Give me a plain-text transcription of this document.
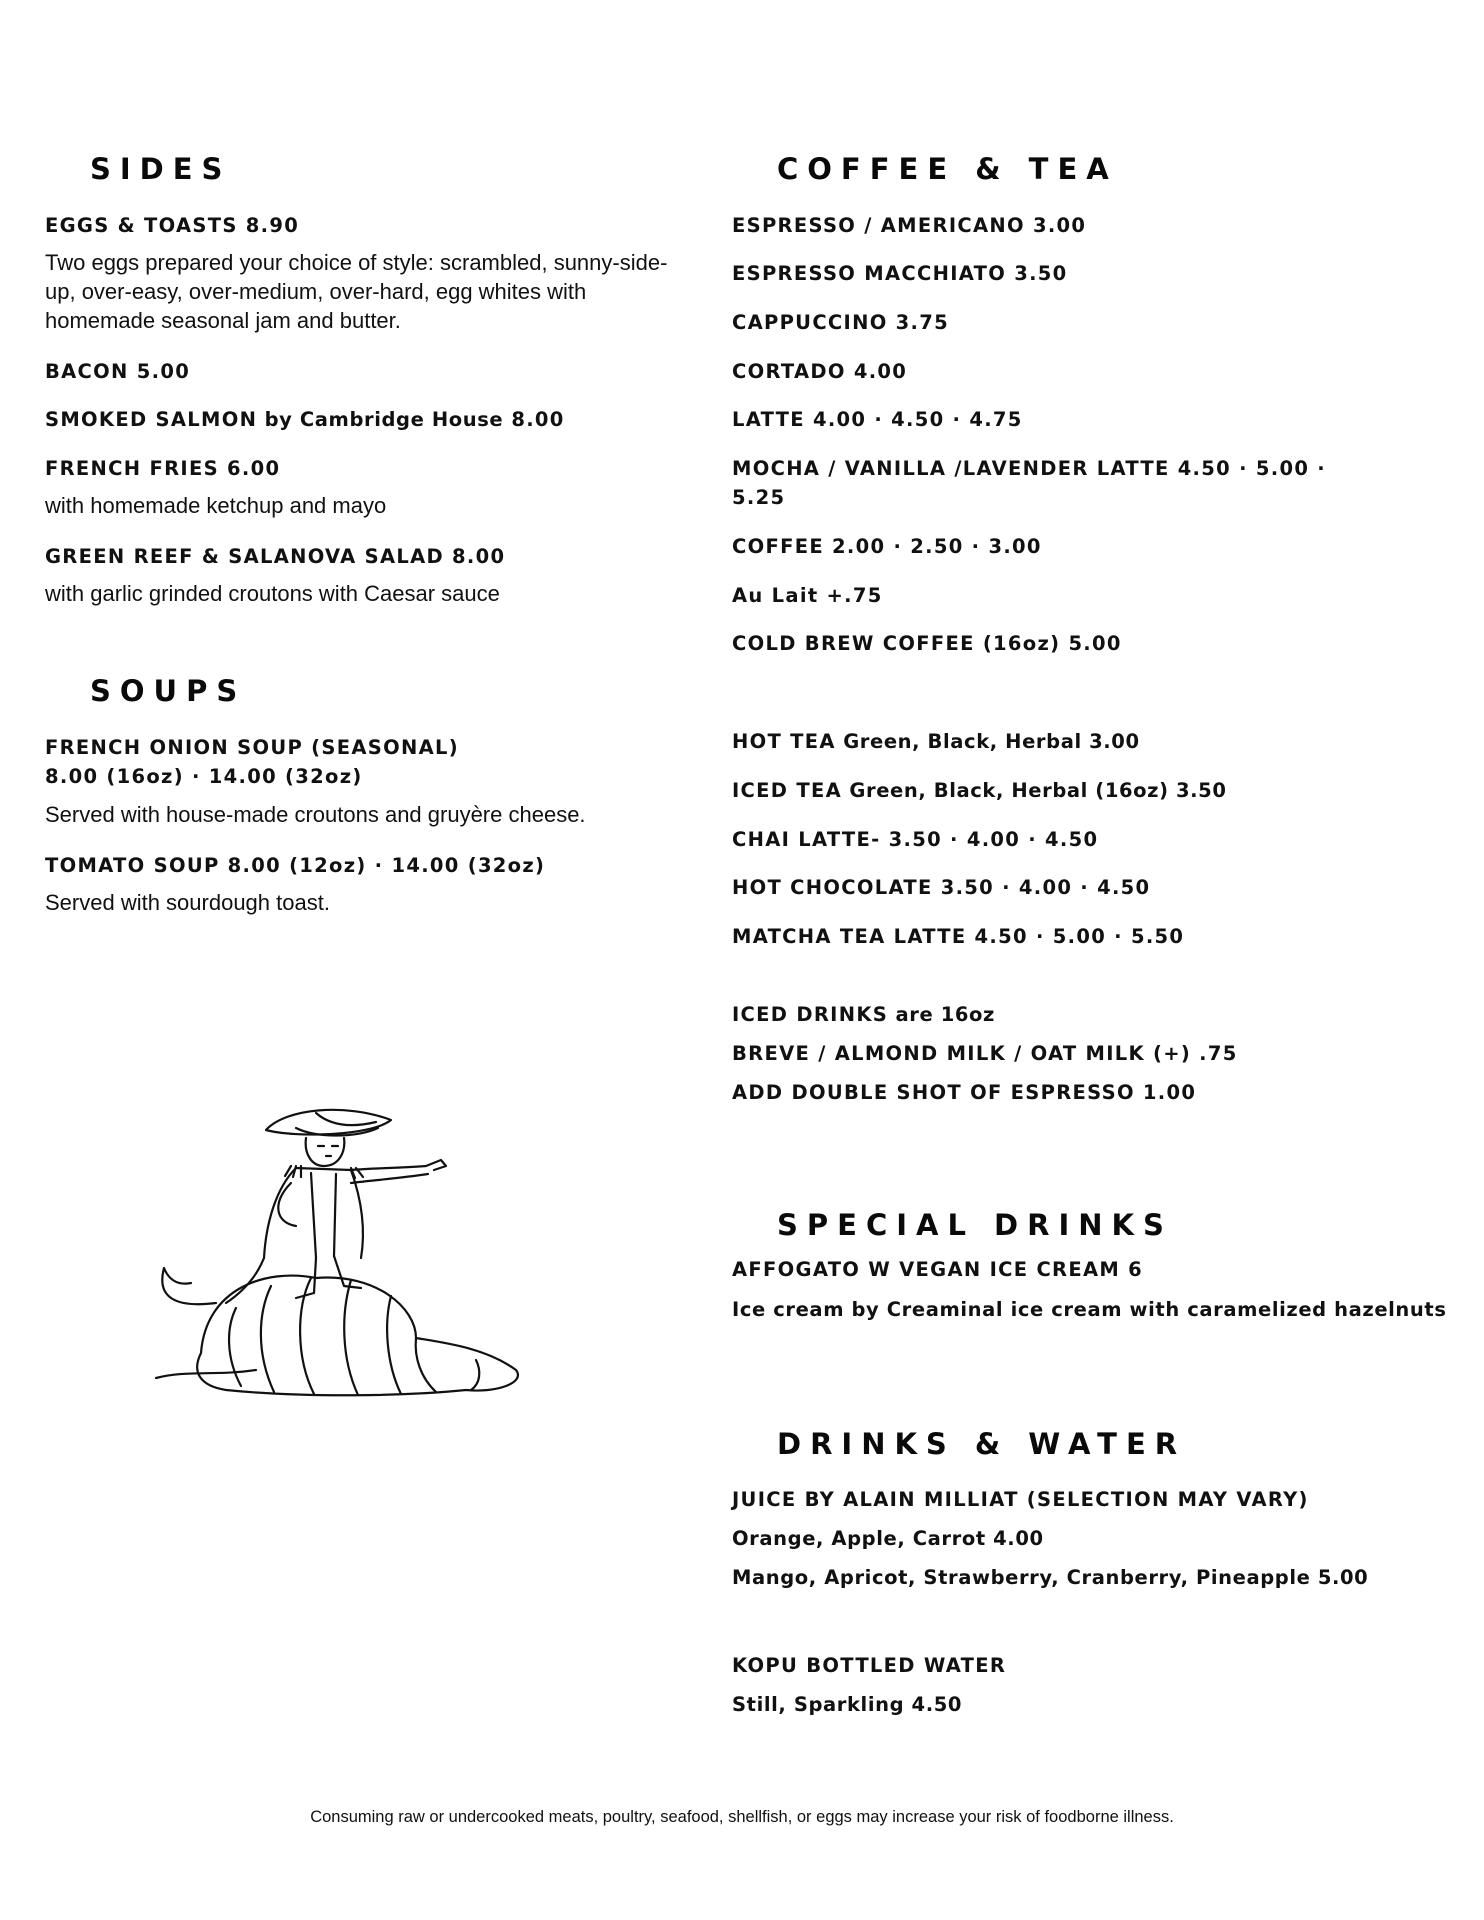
SIDES

EGGS & TOASTS 8.90

Two eggs prepared your choice of style: scrambled, sunny-side-up, over-easy, over-medium, over-hard, egg whites with homemade seasonal jam and butter.

BACON 5.00

SMOKED SALMON by Cambridge House 8.00

FRENCH FRIES 6.00

with homemade ketchup and mayo

GREEN REEF & SALANOVA SALAD 8.00

with garlic grinded croutons with Caesar sauce

SOUPS

FRENCH ONION SOUP (SEASONAL)

8.00 (16oz) · 14.00 (32oz)

Served with house-made croutons and gruyère cheese.

TOMATO SOUP 8.00 (12oz) · 14.00 (32oz)

Served with sourdough toast.

COFFEE & TEA

ESPRESSO / AMERICANO 3.00

ESPRESSO MACCHIATO 3.50

CAPPUCCINO 3.75

CORTADO 4.00

LATTE 4.00 · 4.50 · 4.75

MOCHA / VANILLA /LAVENDER LATTE 4.50 · 5.00 ·

5.25

COFFEE 2.00 · 2.50 · 3.00

Au Lait +.75

COLD BREW COFFEE (16oz) 5.00

HOT TEA Green, Black, Herbal 3.00

ICED TEA Green, Black, Herbal (16oz) 3.50

CHAI LATTE- 3.50 · 4.00 · 4.50

HOT CHOCOLATE 3.50 · 4.00 · 4.50

MATCHA TEA LATTE 4.50 · 5.00 · 5.50

ICED DRINKS are 16oz

BREVE / ALMOND MILK / OAT MILK (+) .75

ADD DOUBLE SHOT OF ESPRESSO 1.00

SPECIAL DRINKS

AFFOGATO W VEGAN ICE CREAM 6

Ice cream by Creaminal ice cream with caramelized hazelnuts

DRINKS & WATER

JUICE BY ALAIN MILLIAT (SELECTION MAY VARY)

Orange, Apple, Carrot 4.00

Mango, Apricot, Strawberry, Cranberry, Pineapple 5.00

KOPU BOTTLED WATER

Still, Sparkling 4.50

Consuming raw or undercooked meats, poultry, seafood, shellfish, or eggs may increase your risk of foodborne illness.
